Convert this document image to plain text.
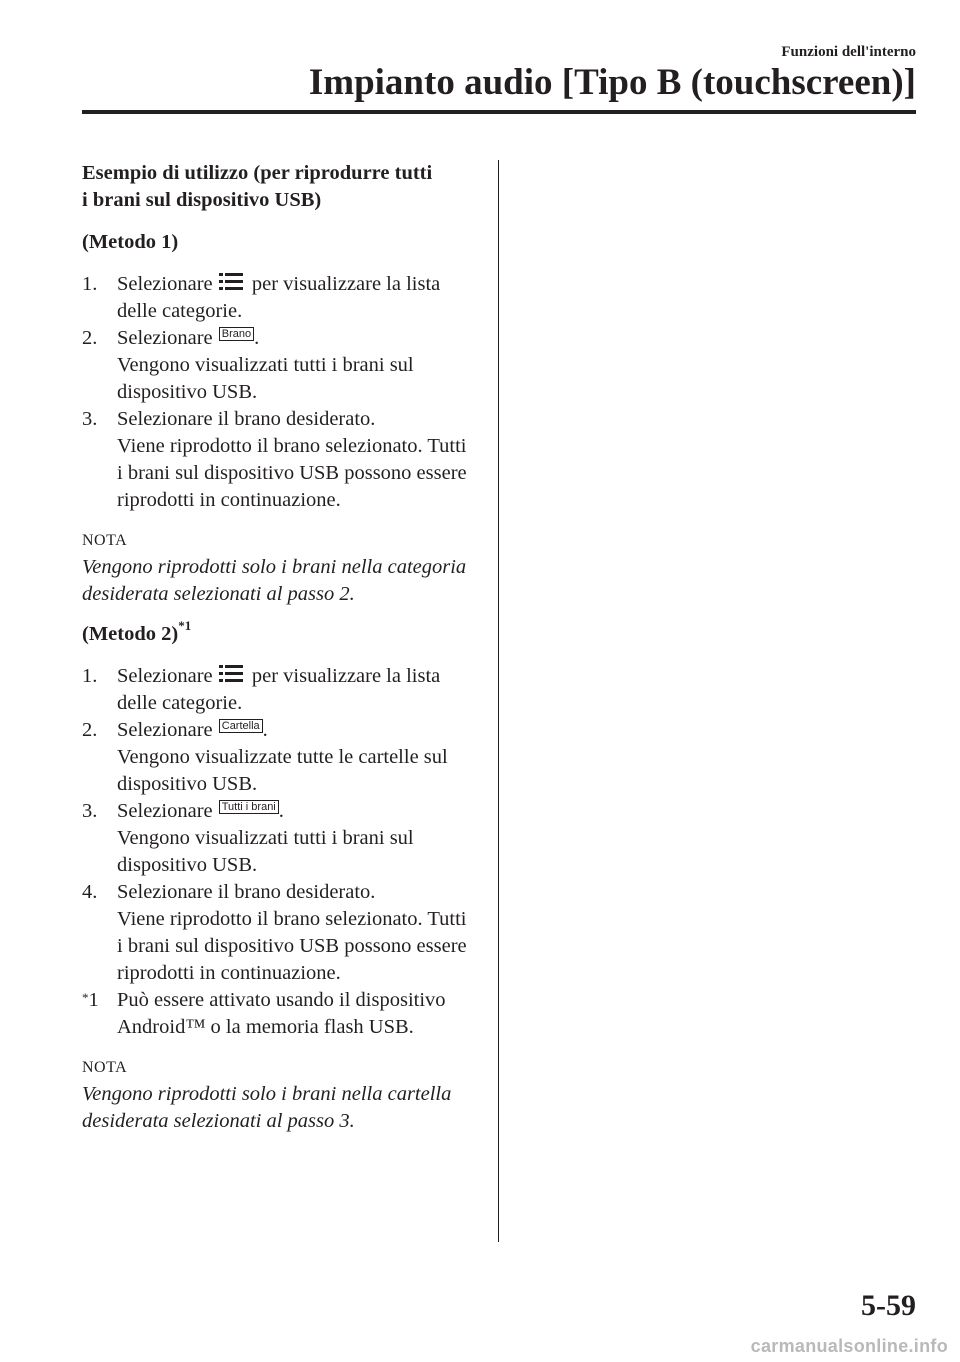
Funzioni dell'interno
Impianto audio [Tipo B (touchscreen)]
Esempio di utilizzo (per riprodurre tutti
i brani sul dispositivo USB)
(Metodo 1)
1. Selezionare per visualizzare la lista delle categorie.
2. Selezionare Brano .
Vengono visualizzati tutti i brani sul dispositivo USB.
3. Selezionare il brano desiderato.
Viene riprodotto il brano selezionato. Tutti i brani sul dispositivo USB possono essere riprodotti in continuazione.
NOTA
Vengono riprodotti solo i brani nella categoria desiderata selezionati al passo 2.
(Metodo 2)$^{*1}$
1. Selezionare per visualizzare la lista delle categorie.
2. Selezionare Cartella .
Vengono visualizzate tutte le cartelle sul dispositivo USB.
3. Selezionare Tutti i brani .
Vengono visualizzati tutti i brani sul dispositivo USB.
4. Selezionare il brano desiderato.
Viene riprodotto il brano selezionato. Tutti i brani sul dispositivo USB possono essere riprodotti in continuazione.
*1 Può essere attivato usando il dispositivo Android™ o la memoria flash USB.
NOTA
Vengono riprodotti solo i brani nella cartella desiderata selezionati al passo 3.
5-59
carmanualsonline.info
